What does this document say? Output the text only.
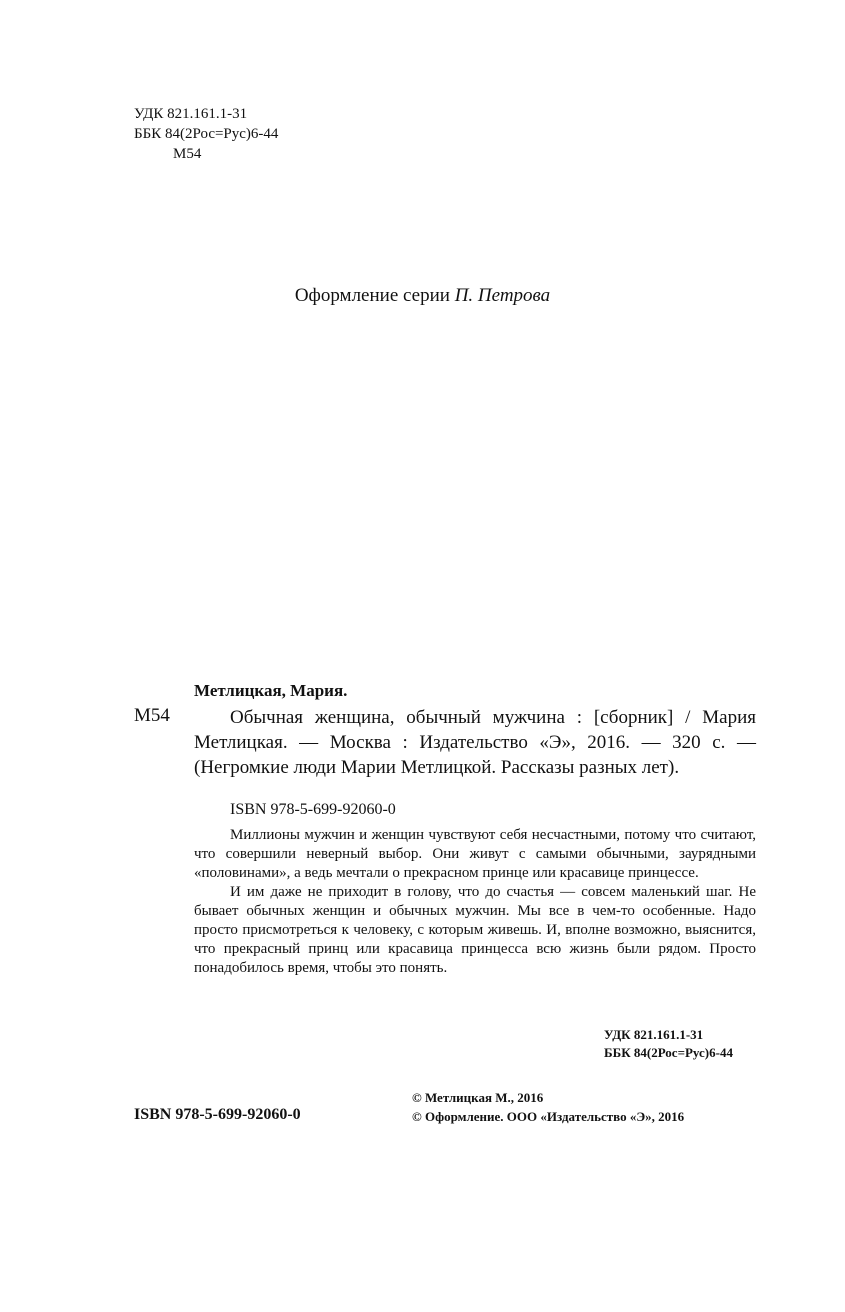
УДК 821.161.1-31
ББК 84(2Рос=Рус)6-44
М54
Оформление серии П. Петрова
Метлицкая, Мария.
М54	Обычная женщина, обычный мужчина : [сборник] / Мария Метлицкая. — Москва : Издательство «Э», 2016. — 320 с. — (Негромкие люди Марии Метлицкой. Рассказы разных лет).
ISBN 978-5-699-92060-0

Миллионы мужчин и женщин чувствуют себя несчастными, потому что считают, что совершили неверный выбор. Они живут с самыми обычными, заурядными «половинами», а ведь мечтали о прекрасном принце или красавице принцессе.

И им даже не приходит в голову, что до счастья — совсем маленький шаг. Не бывает обычных женщин и обычных мужчин. Мы все в чем-то особенные. Надо просто присмотреться к человеку, с которым живешь. И, вполне возможно, выяснится, что прекрасный принц или красавица принцесса всю жизнь были рядом. Просто понадобилось время, чтобы это понять.

УДК 821.161.1-31
ББК 84(2Рос=Рус)6-44
ISBN 978-5-699-92060-0
© Метлицкая М., 2016
© Оформление. ООО «Издательство «Э», 2016
